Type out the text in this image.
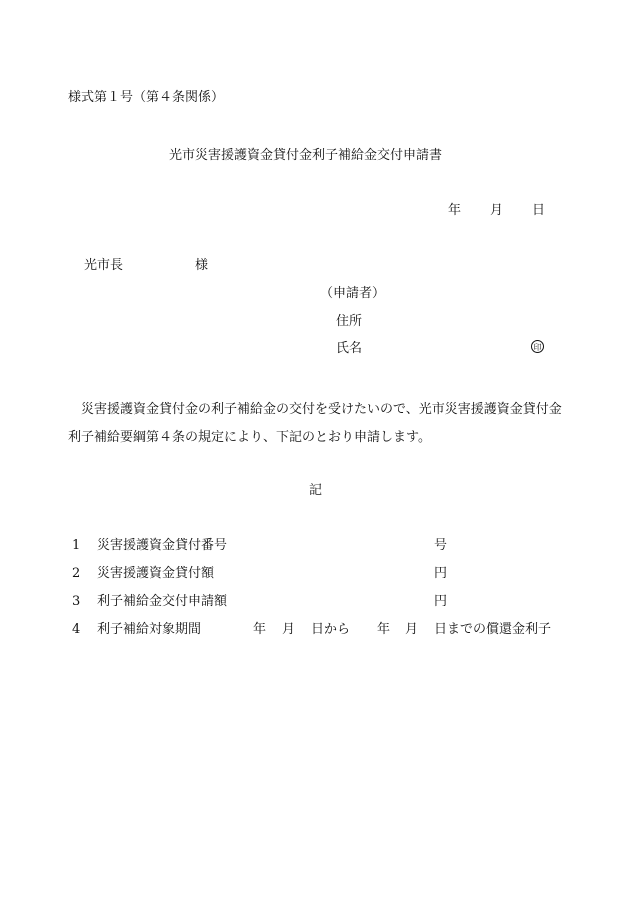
様式第１号（第４条関係）
光市災害援護資金貸付金利子補給金交付申請書
年 月 日
光市長	様
（申請者）
住所
氏名	印
災害援護資金貸付金の利子補給金の交付を受けたいので、光市災害援護資金貸付金利子補給要綱第４条の規定により、下記のとおり申請します。
記
1 災害援護資金貸付番号	号
2 災害援護資金貸付額	円
3 利子補給金交付申請額	円
4 利子補給対象期間	年 月 日から 年 月 日までの償還金利子
